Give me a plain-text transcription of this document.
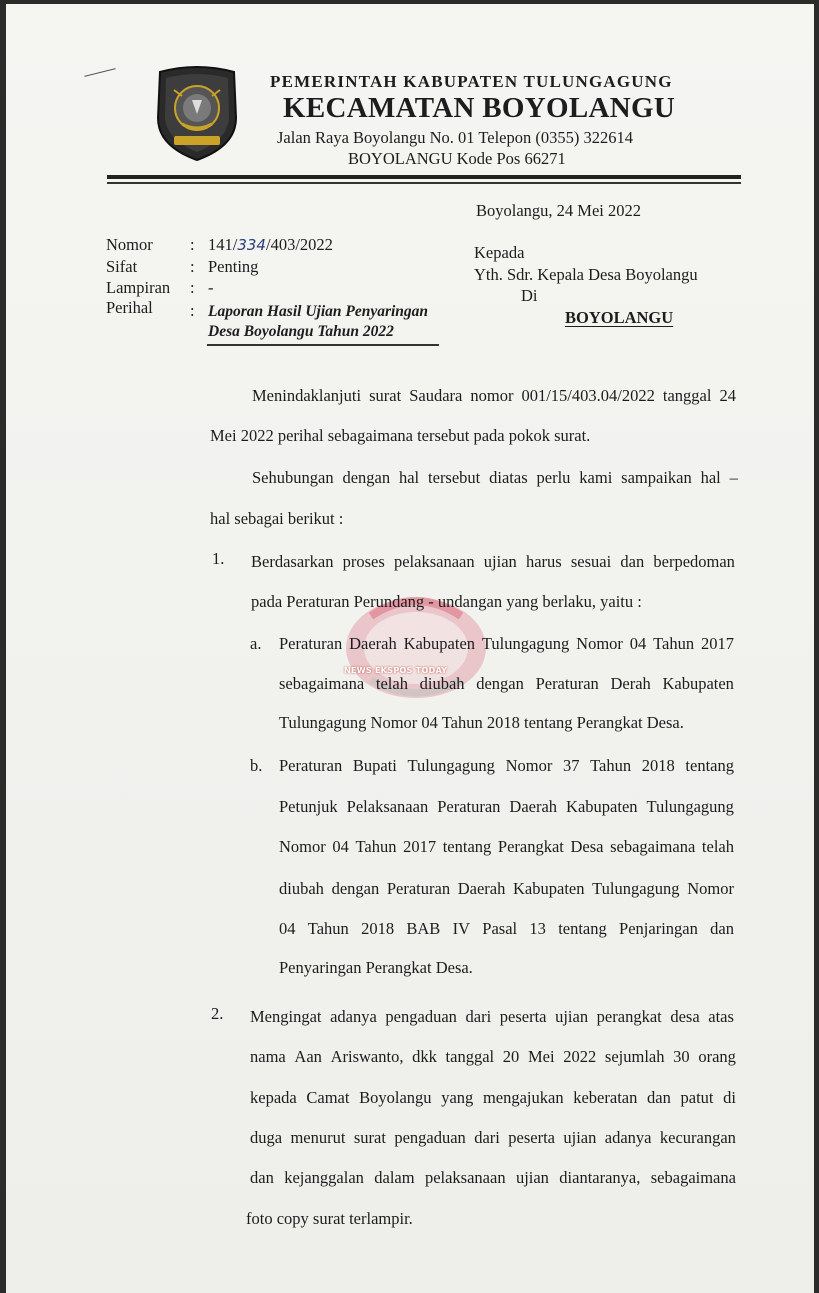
PEMERINTAH KABUPATEN TULUNGAGUNG
KECAMATAN BOYOLANGU
Jalan Raya Boyolangu No. 01 Telepon (0355) 322614
BOYOLANGU Kode Pos 66271
Boyolangu, 24 Mei 2022
Nomor : 141/334/403/2022
Sifat	: Penting
Lampiran : -
Perihal : Laporan Hasil Ujian Penyaringan
Desa Boyolangu Tahun 2022
Kepada
Yth. Sdr. Kepala Desa Boyolangu
Di
BOYOLANGU
NEWS EKSPOS TODAY
Menindaklanjuti surat Saudara nomor 001/15/403.04/2022 tanggal 24
Mei 2022 perihal sebagaimana tersebut pada pokok surat.
Sehubungan dengan hal tersebut diatas perlu kami sampaikan hal –
hal sebagai berikut :
1. Berdasarkan proses pelaksanaan ujian harus sesuai dan berpedoman
pada Peraturan Perundang - undangan yang berlaku, yaitu :
a. Peraturan Daerah Kabupaten Tulungagung Nomor 04 Tahun 2017
sebagaimana telah diubah dengan Peraturan Derah Kabupaten
Tulungagung Nomor 04 Tahun 2018 tentang Perangkat Desa.
b. Peraturan Bupati Tulungagung Nomor 37 Tahun 2018 tentang
Petunjuk Pelaksanaan Peraturan Daerah Kabupaten Tulungagung
Nomor 04 Tahun 2017 tentang Perangkat Desa sebagaimana telah
diubah dengan Peraturan Daerah Kabupaten Tulungagung Nomor
04 Tahun 2018 BAB IV Pasal 13 tentang Penjaringan dan
Penyaringan Perangkat Desa.
2. Mengingat adanya pengaduan dari peserta ujian perangkat desa atas
nama Aan Ariswanto, dkk tanggal 20 Mei 2022 sejumlah 30 orang
kepada Camat Boyolangu yang mengajukan keberatan dan patut di
duga menurut surat pengaduan dari peserta ujian adanya kecurangan
dan kejanggalan dalam pelaksanaan ujian diantaranya, sebagaimana
foto copy surat terlampir.
